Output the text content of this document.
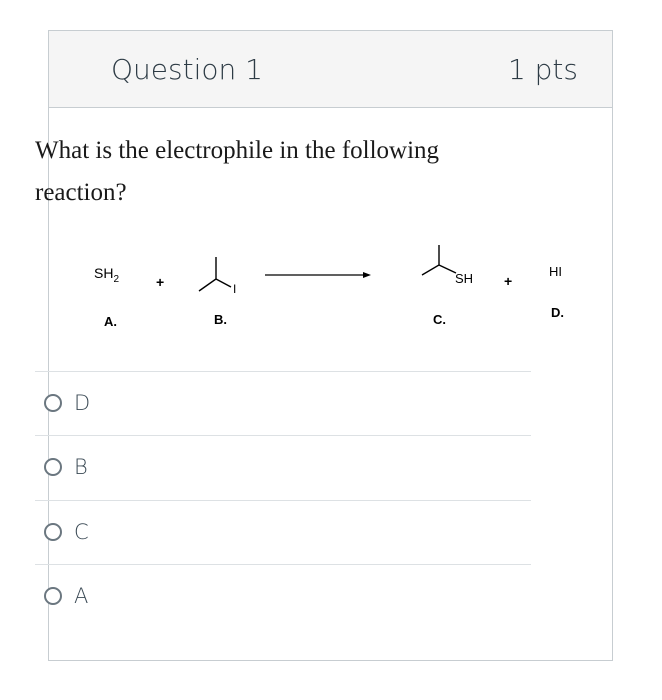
Question 1	1 pts
What is the electrophile in the following reaction?
$SH_2$	+	I
SH +
HI
A.	B.	C.	D.
D
B
C
A
